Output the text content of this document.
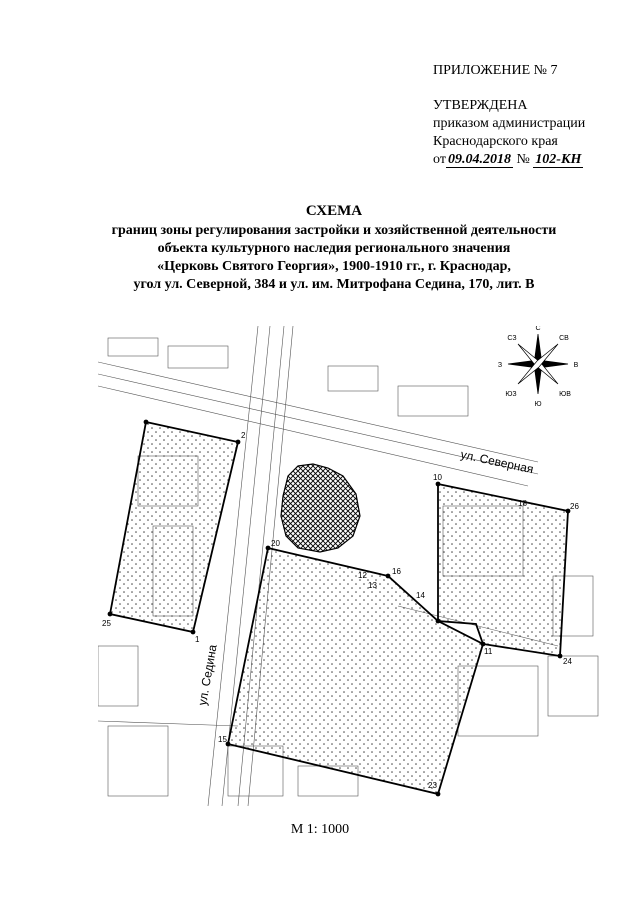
ПРИЛОЖЕНИЕ № 7
УТВЕРЖДЕНА
приказом администрации
Краснодарского края
от 09.04.2018 № 102-КН
СХЕМА
границ зоны регулирования застройки и хозяйственной деятельности
объекта культурного наследия регионального значения
«Церковь Святого Георгия», 1900-1910 гг., г. Краснодар,
угол ул. Северной, 384 и ул. им. Митрофана Седина, 170, лит. В
2
25
1
20
13
16
14
11
23
15
12
10
26
24
18
ул. Северная
ул. Седина
С
Ю
В
З
СВ
СЗ
ЮВ
ЮЗ
М 1: 1000
